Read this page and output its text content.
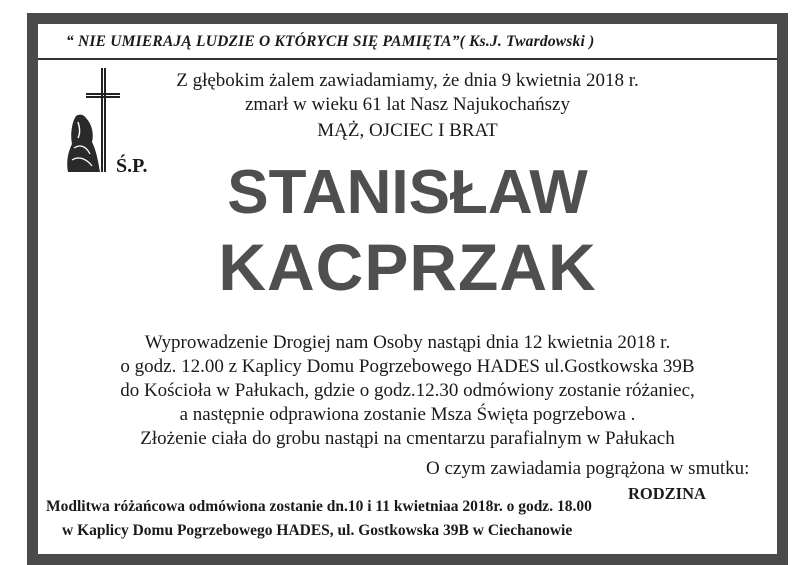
“ NIE UMIERAJĄ LUDZIE O KTÓRYCH SIĘ PAMIĘTA”( Ks.J. Twardowski )
Ś.P.
Z głębokim żalem zawiadamiamy, że dnia 9 kwietnia 2018 r.
zmarł w wieku 61 lat Nasz Najukochańszy
MĄŻ, OJCIEC I BRAT
STANISŁAW
KACPRZAK
Wyprowadzenie Drogiej nam Osoby nastąpi dnia 12 kwietnia 2018 r.
o godz. 12.00 z Kaplicy Domu Pogrzebowego HADES ul.Gostkowska 39B
do Kościoła w Pałukach, gdzie o godz.12.30 odmówiony zostanie różaniec,
a następnie odprawiona zostanie Msza Święta pogrzebowa .
Złożenie ciała do grobu nastąpi na cmentarzu parafialnym w Pałukach
O czym zawiadamia pogrążona w smutku:
RODZINA
Modlitwa różańcowa odmówiona zostanie dn.10 i 11 kwietniaa 2018r. o godz. 18.00
w Kaplicy Domu Pogrzebowego HADES, ul. Gostkowska 39B w Ciechanowie
